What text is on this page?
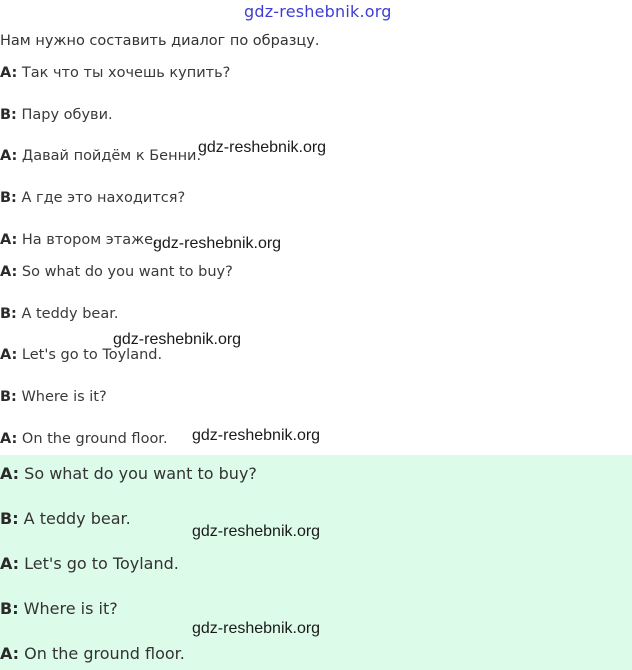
gdz-reshebnik.org
Нам нужно составить диалог по образцу.
A: Так что ты хочешь купить?
B: Пару обуви.
A: Давай пойдём к Бенни.
B: А где это находится?
A: На втором этаже.
A: So what do you want to buy?
B: A teddy bear.
A: Let's go to Toyland.
B: Where is it?
A: On the ground floor.
A: So what do you want to buy?
B: A teddy bear.
A: Let's go to Toyland.
B: Where is it?
A: On the ground floor.
gdz-reshebnik.org
gdz-reshebnik.org
gdz-reshebnik.org
gdz-reshebnik.org
gdz-reshebnik.org
gdz-reshebnik.org
